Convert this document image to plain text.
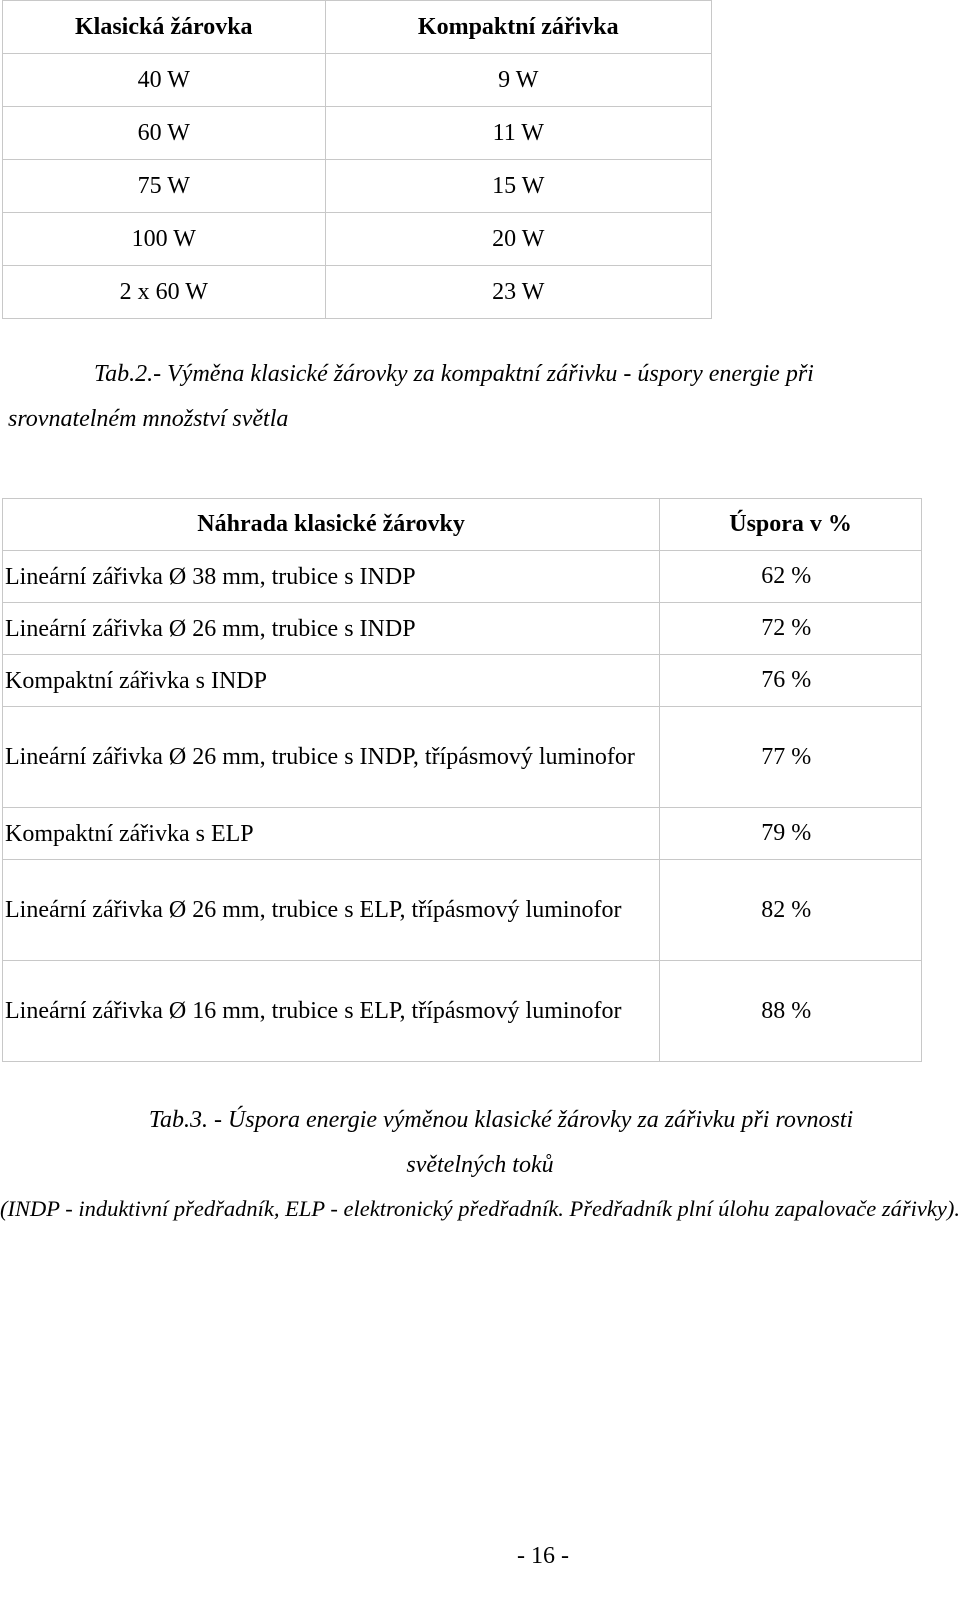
Klasická žárovka	Kompaktní zářivka
40 W	9 W
60 W	11 W
75 W	15 W
100 W	20 W
2 x 60 W	23 W
Tab.2.- Výměna klasické žárovky za kompaktní zářivku - úspory energie při srovnatelném množství světla
Náhrada klasické žárovky	Úspora v %
Lineární zářivka Ø 38 mm, trubice s INDP	62 %
Lineární zářivka Ø 26 mm, trubice s INDP	72 %
Kompaktní zářivka s INDP	76 %
Lineární zářivka Ø 26 mm, trubice s INDP, třípásmový luminofor	77 %
Kompaktní zářivka s ELP	79 %
Lineární zářivka Ø 26 mm, trubice s ELP, třípásmový luminofor	82 %
Lineární zářivka Ø 16 mm, trubice s ELP, třípásmový luminofor	88 %
Tab.3. - Úspora energie výměnou klasické žárovky za zářivku při rovnosti
světelných toků
(INDP - induktivní předřadník, ELP - elektronický předřadník. Předřadník plní úlohu zapalovače zářivky).
- 16 -
